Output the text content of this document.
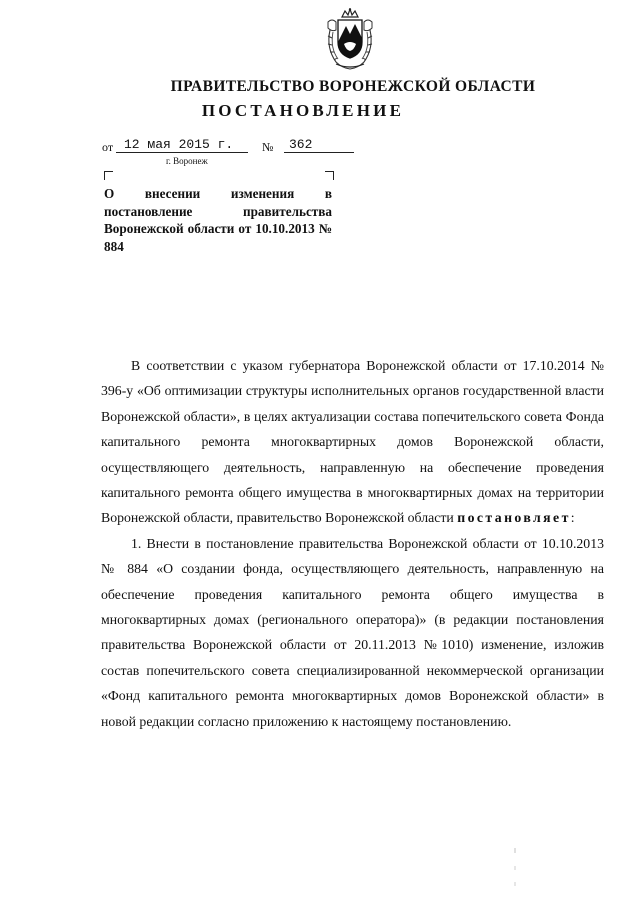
ПРАВИТЕЛЬСТВО ВОРОНЕЖСКОЙ ОБЛАСТИ
ПОСТАНОВЛЕНИЕ
от 12 мая 2015 г. № 362
г. Воронеж
О внесении изменения в постановление правительства Воронежской области от 10.10.2013 № 884

В соответствии с указом губернатора Воронежской области от 17.10.2014 № 396-у «Об оптимизации структуры исполнительных органов государственной власти Воронежской области», в целях актуализации состава попечительского совета Фонда капитального ремонта многоквартирных домов Воронежской области, осуществляющего деятельность, направленную на обеспечение проведения капитального ремонта общего имущества в многоквартирных домах на территории Воронежской области, правительство Воронежской области постановляет:

1. Внести в постановление правительства Воронежской области от 10.10.2013 № 884 «О создании фонда, осуществляющего деятельность, направленную на обеспечение проведения капитального ремонта общего имущества в многоквартирных домах (регионального оператора)» (в редакции постановления правительства Воронежской области от 20.11.2013 №1010) изменение, изложив состав попечительского совета специализированной некоммерческой организации «Фонд капитального ремонта многоквартирных домов Воронежской области» в новой редакции согласно приложению к настоящему постановлению.
